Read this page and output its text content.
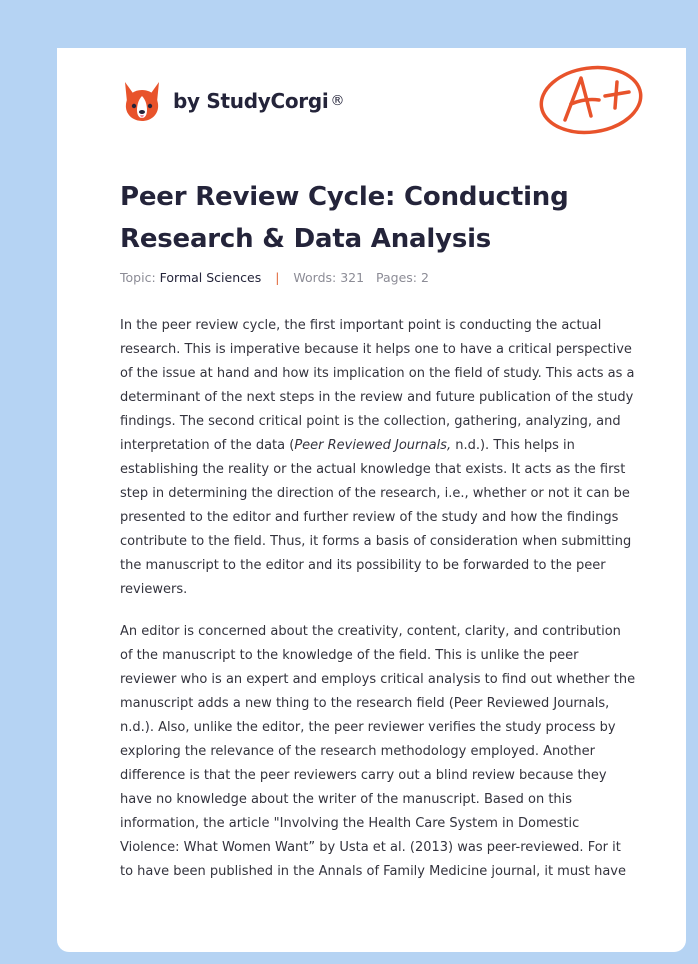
by StudyCorgi ®
Peer Review Cycle: Conducting Research & Data Analysis
Topic: Formal Sciences | Words: 321 Pages: 2

In the peer review cycle, the first important point is conducting the actual research. This is imperative because it helps one to have a critical perspective of the issue at hand and how its implication on the field of study. This acts as a determinant of the next steps in the review and future publication of the study findings. The second critical point is the collection, gathering, analyzing, and interpretation of the data (Peer Reviewed Journals, n.d.). This helps in establishing the reality or the actual knowledge that exists. It acts as the first step in determining the direction of the research, i.e., whether or not it can be presented to the editor and further review of the study and how the findings contribute to the field. Thus, it forms a basis of consideration when submitting the manuscript to the editor and its possibility to be forwarded to the peer reviewers.

An editor is concerned about the creativity, content, clarity, and contribution of the manuscript to the knowledge of the field. This is unlike the peer reviewer who is an expert and employs critical analysis to find out whether the manuscript adds a new thing to the research field (Peer Reviewed Journals, n.d.). Also, unlike the editor, the peer reviewer verifies the study process by exploring the relevance of the research methodology employed. Another difference is that the peer reviewers carry out a blind review because they have no knowledge about the writer of the manuscript. Based on this information, the article "Involving the Health Care System in Domestic Violence: What Women Want” by Usta et al. (2013) was peer-reviewed. For it to have been published in the Annals of Family Medicine journal, it must have
